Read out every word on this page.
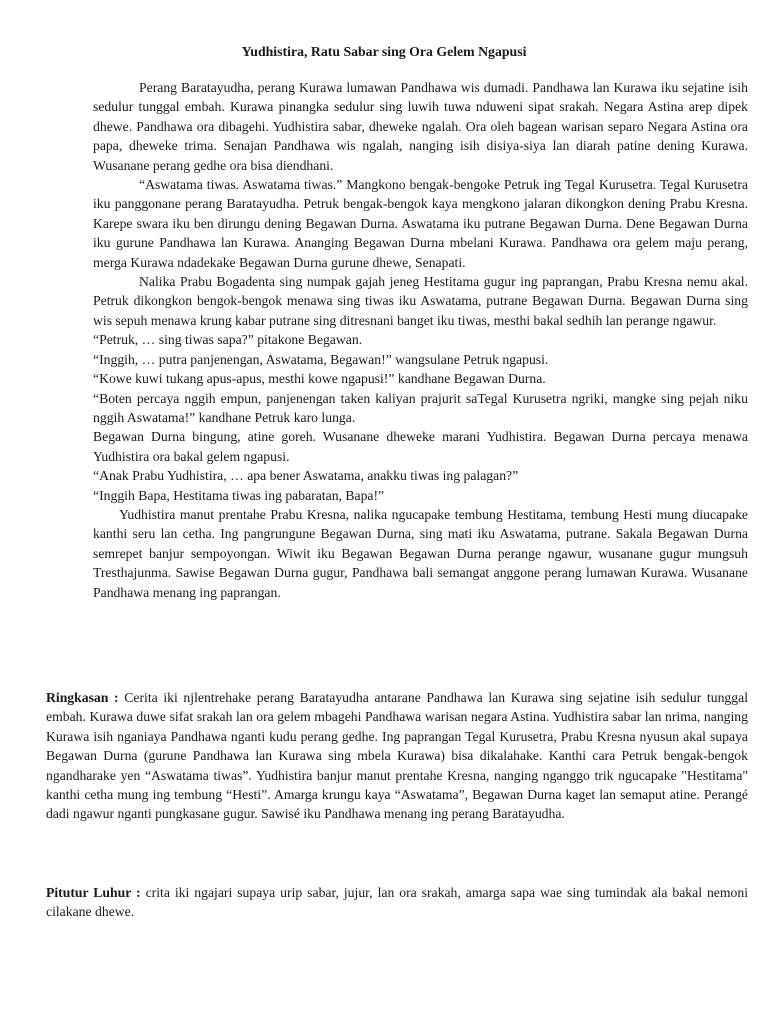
Yudhistira, Ratu Sabar sing Ora Gelem Ngapusi

Perang Baratayudha, perang Kurawa lumawan Pandhawa wis dumadi. Pandhawa lan Kurawa iku sejatine isih sedulur tunggal embah. Kurawa pinangka sedulur sing luwih tuwa nduweni sipat srakah. Negara Astina arep dipek dhewe. Pandhawa ora dibagehi. Yudhistira sabar, dheweke ngalah. Ora oleh bagean warisan separo Negara Astina ora papa, dheweke trima. Senajan Pandhawa wis ngalah, nanging isih disiya-siya lan diarah patine dening Kurawa. Wusanane perang gedhe ora bisa diendhani.

“Aswatama tiwas. Aswatama tiwas.” Mangkono bengak-bengoke Petruk ing Tegal Kurusetra. Tegal Kurusetra iku panggonane perang Baratayudha. Petruk bengak-bengok kaya mengkono jalaran dikongkon dening Prabu Kresna. Karepe swara iku ben dirungu dening Begawan Durna. Aswatama iku putrane Begawan Durna. Dene Begawan Durna iku gurune Pandhawa lan Kurawa. Ananging Begawan Durna mbelani Kurawa. Pandhawa ora gelem maju perang, merga Kurawa ndadekake Begawan Durna gurune dhewe, Senapati.

Nalika Prabu Bogadenta sing numpak gajah jeneg Hestitama gugur ing paprangan, Prabu Kresna nemu akal. Petruk dikongkon bengok-bengok menawa sing tiwas iku Aswatama, putrane Begawan Durna. Begawan Durna sing wis sepuh menawa krung kabar putrane sing ditresnani banget iku tiwas, mesthi bakal sedhih lan perange ngawur.

“Petruk, … sing tiwas sapa?” pitakone Begawan.

“Inggih, … putra panjenengan, Aswatama, Begawan!” wangsulane Petruk ngapusi.

“Kowe kuwi tukang apus-apus, mesthi kowe ngapusi!” kandhane Begawan Durna.

“Boten percaya nggih empun, panjenengan taken kaliyan prajurit saTegal Kurusetra ngriki, mangke sing pejah niku nggih Aswatama!” kandhane Petruk karo lunga.

Begawan Durna bingung, atine goreh. Wusanane dheweke marani Yudhistira. Begawan Durna percaya menawa Yudhistira ora bakal gelem ngapusi.

“Anak Prabu Yudhistira, … apa bener Aswatama, anakku tiwas ing palagan?”

“Inggih Bapa, Hestitama tiwas ing pabaratan, Bapa!”

Yudhistira manut prentahe Prabu Kresna, nalika ngucapake tembung Hestitama, tembung Hesti mung diucapake kanthi seru lan cetha. Ing pangrungune Begawan Durna, sing mati iku Aswatama, putrane. Sakala Begawan Durna semrepet banjur sempoyongan. Wiwit iku Begawan Begawan Durna perange ngawur, wusanane gugur mungsuh Tresthajunma. Sawise Begawan Durna gugur, Pandhawa bali semangat anggone perang lumawan Kurawa. Wusanane Pandhawa menang ing paprangan.

Ringkasan : Cerita iki njlentrehake perang Baratayudha antarane Pandhawa lan Kurawa sing sejatine isih sedulur tunggal embah. Kurawa duwe sifat srakah lan ora gelem mbagehi Pandhawa warisan negara Astina. Yudhistira sabar lan nrima, nanging Kurawa isih nganiaya Pandhawa nganti kudu perang gedhe. Ing paprangan Tegal Kurusetra, Prabu Kresna nyusun akal supaya Begawan Durna (gurune Pandhawa lan Kurawa sing mbela Kurawa) bisa dikalahake. Kanthi cara Petruk bengak-bengok ngandharake yen “Aswatama tiwas”. Yudhistira banjur manut prentahe Kresna, nanging nganggo trik ngucapake "Hestitama" kanthi cetha mung ing tembung “Hesti”. Amarga krungu kaya “Aswatama”, Begawan Durna kaget lan semaput atine. Perangé dadi ngawur nganti pungkasane gugur. Sawisé iku Pandhawa menang ing perang Baratayudha.

Pitutur Luhur : crita iki ngajari supaya urip sabar, jujur, lan ora srakah, amarga sapa wae sing tumindak ala bakal nemoni cilakane dhewe.
